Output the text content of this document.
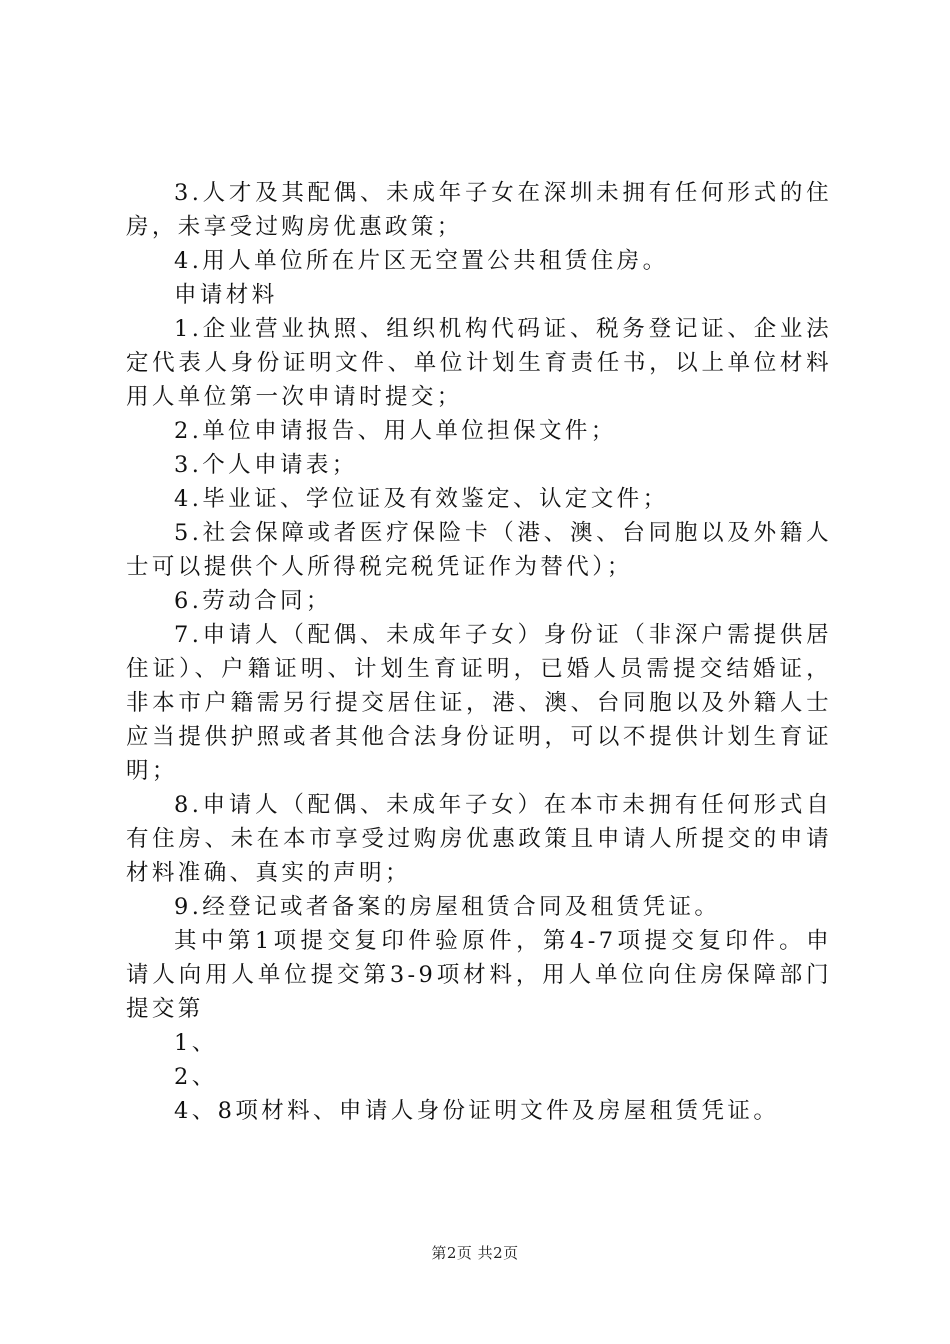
3.人才及其配偶、未成年子女在深圳未拥有任何形式的住
房，未享受过购房优惠政策；
4.用人单位所在片区无空置公共租赁住房。
申请材料
1.企业营业执照、组织机构代码证、税务登记证、企业法
定代表人身份证明文件、单位计划生育责任书，以上单位材料
用人单位第一次申请时提交；
2.单位申请报告、用人单位担保文件；
3.个人申请表；
4.毕业证、学位证及有效鉴定、认定文件；
5.社会保障或者医疗保险卡（港、澳、台同胞以及外籍人
士可以提供个人所得税完税凭证作为替代）；
6.劳动合同；
7.申请人（配偶、未成年子女）身份证（非深户需提供居
住证）、户籍证明、计划生育证明，已婚人员需提交结婚证，
非本市户籍需另行提交居住证，港、澳、台同胞以及外籍人士
应当提供护照或者其他合法身份证明，可以不提供计划生育证
明；
8.申请人（配偶、未成年子女）在本市未拥有任何形式自
有住房、未在本市享受过购房优惠政策且申请人所提交的申请
材料准确、真实的声明；
9.经登记或者备案的房屋租赁合同及租赁凭证。
其中第1项提交复印件验原件，第4-7项提交复印件。申
请人向用人单位提交第3-9项材料，用人单位向住房保障部门
提交第
1、
2、
4、8项材料、申请人身份证明文件及房屋租赁凭证。
第2页 共2页
